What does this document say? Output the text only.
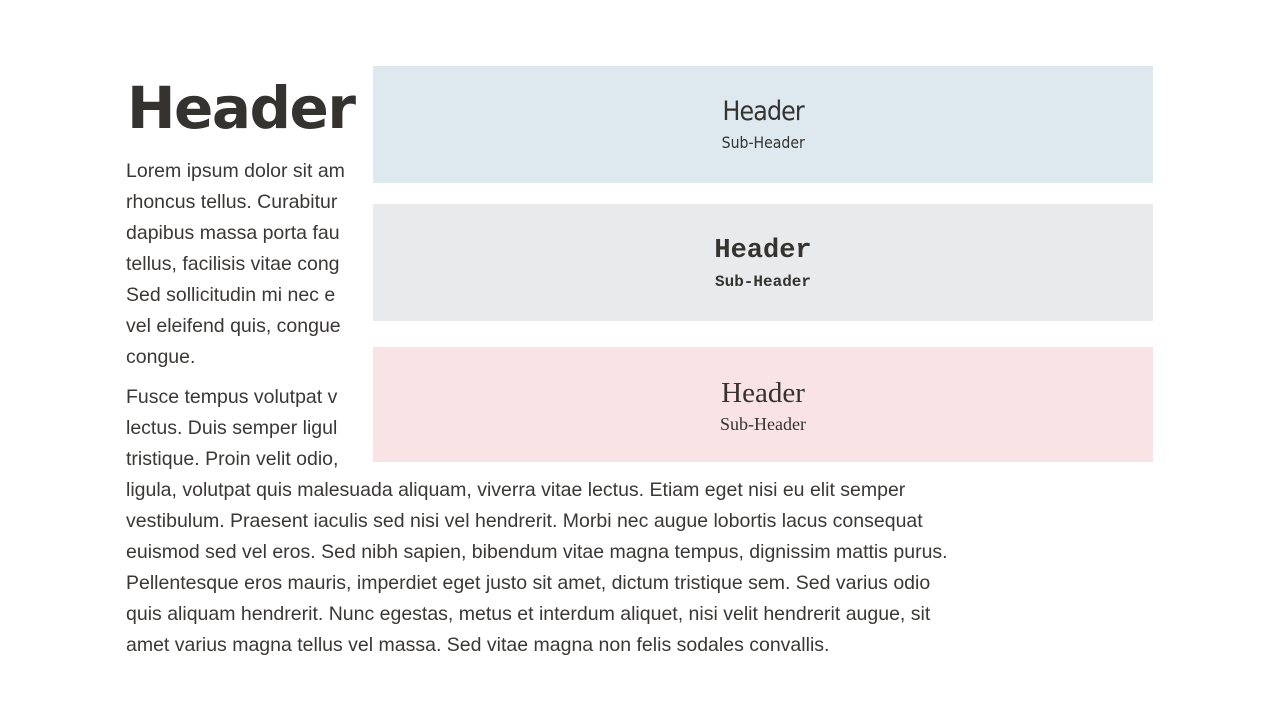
Header
Lorem ipsum dolor sit am
rhoncus tellus. Curabitur
dapibus massa porta fau
tellus, facilisis vitae cong
Sed sollicitudin mi nec e
vel eleifend quis, congue
congue.
Fusce tempus volutpat v
lectus. Duis semper ligul
tristique. Proin velit odio,
ligula, volutpat quis malesuada aliquam, viverra vitae lectus. Etiam eget nisi eu elit semper
vestibulum. Praesent iaculis sed nisi vel hendrerit. Morbi nec augue lobortis lacus consequat
euismod sed vel eros. Sed nibh sapien, bibendum vitae magna tempus, dignissim mattis purus.
Pellentesque eros mauris, imperdiet eget justo sit amet, dictum tristique sem. Sed varius odio
quis aliquam hendrerit. Nunc egestas, metus et interdum aliquet, nisi velit hendrerit augue, sit
amet varius magna tellus vel massa. Sed vitae magna non felis sodales convallis.
Header

Sub-Header

Header

Sub-Header

Header

Sub-Header
